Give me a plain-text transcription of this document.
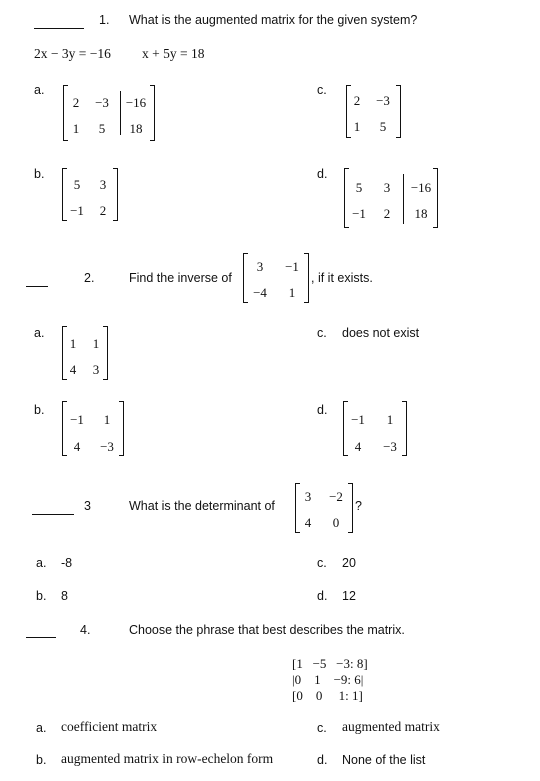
1. What is the augmented matrix for the given system?
2x − 3y = −16 x + 5y = 18
a.
2	−3	−16
1	5	18
c.
2	−3
1	5
b.
5	3
−1	2
d.
5	3	−16
−1	2	18
2.	Find the inverse of
3	−1
−4	1
, if it exists.
a.
1	1
4	3
c. does not exist
b.
−1	1
4	−3
d.
−1	1
4	−3
3	What is the determinant of
3	−2
4	0
?
a. -8	c. 20
b. 8	d. 12
4.	Choose the phrase that best describes the matrix.
[1   −5   −3: 8]
|0    1    −9: 6|
[0    0     1: 1]
a. coefficient matrix	c. augmented matrix
b. augmented matrix in row-echelon form	d. None of the list
